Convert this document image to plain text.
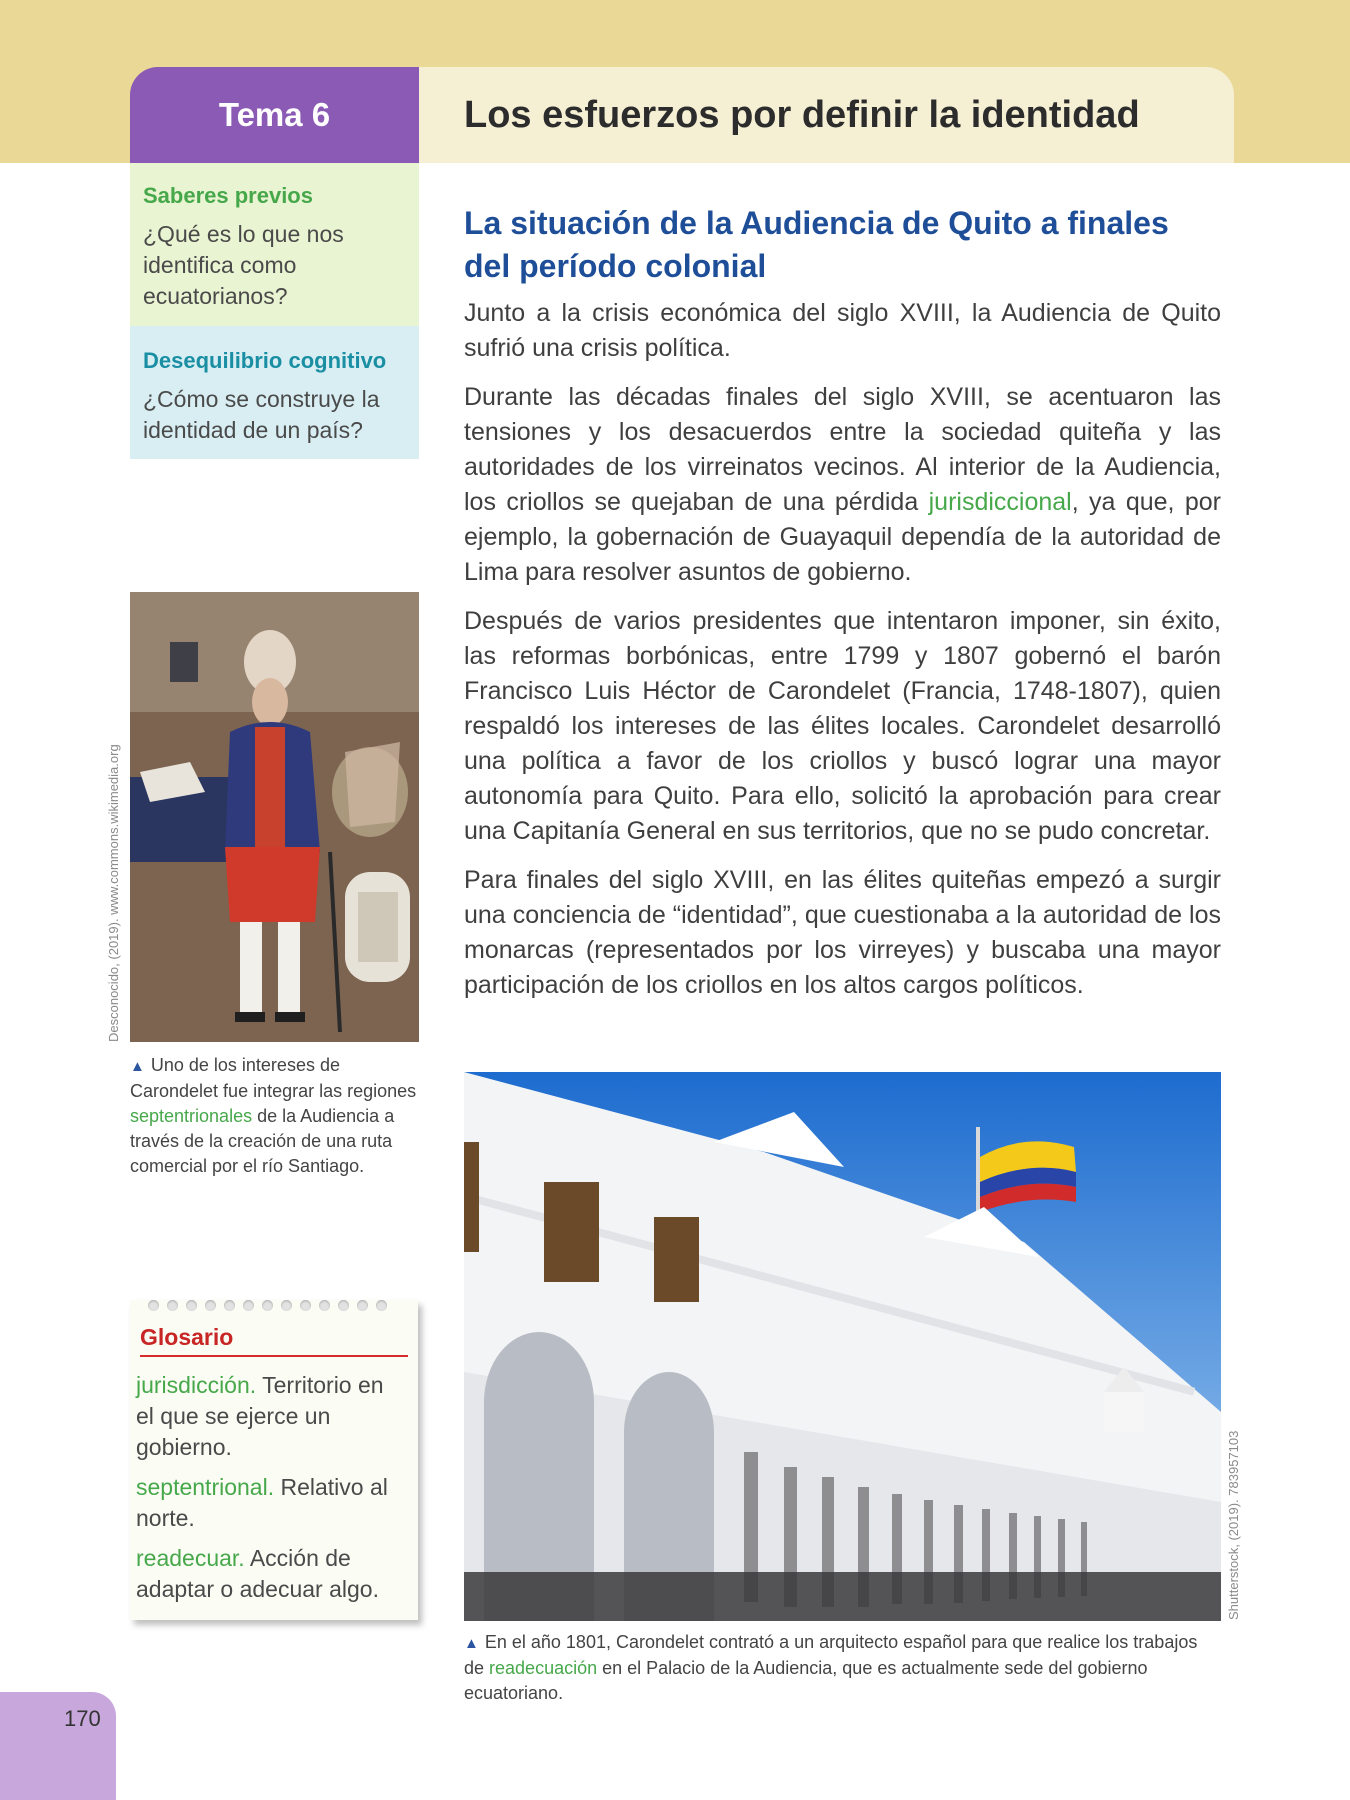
Tema 6	Los esfuerzos por definir la identidad
Saberes previos
¿Qué es lo que nos identifica como ecuatorianos?
Desequilibrio cognitivo
¿Cómo se construye la identidad de un país?
Desconocido, (2019). www.commons.wikimedia.org
▲ Uno de los intereses de Carondelet fue integrar las regiones septentrionales de la Audiencia a través de la creación de una ruta comercial por el río Santiago.
Glosario
jurisdicción. Territorio en el que se ejerce un gobierno.
septentrional. Relativo al norte.
readecuar. Acción de adaptar o adecuar algo.
170
La situación de la Audiencia de Quito a finales del período colonial

Junto a la crisis económica del siglo XVIII, la Audiencia de Quito sufrió una crisis política.

Durante las décadas finales del siglo XVIII, se acentuaron las tensiones y los desacuerdos entre la sociedad quiteña y las autoridades de los virreinatos vecinos. Al interior de la Audiencia, los criollos se quejaban de una pérdida jurisdiccional, ya que, por ejemplo, la gobernación de Guayaquil dependía de la autoridad de Lima para resolver asuntos de gobierno.

Después de varios presidentes que intentaron imponer, sin éxito, las reformas borbónicas, entre 1799 y 1807 gobernó el barón Francisco Luis Héctor de Carondelet (Francia, 1748-1807), quien respaldó los intereses de las élites locales. Carondelet desarrolló una política a favor de los criollos y buscó lograr una mayor autonomía para Quito. Para ello, solicitó la aprobación para crear una Capitanía General en sus territorios, que no se pudo concretar.

Para finales del siglo XVIII, en las élites quiteñas empezó a surgir una conciencia de “identidad”, que cuestionaba a la autoridad de los monarcas (representados por los virreyes) y buscaba una mayor participación de los criollos en los altos cargos políticos.

Shutterstock, (2019). 783957103
▲ En el año 1801, Carondelet contrató a un arquitecto español para que realice los trabajos de readecuación en el Palacio de la Audiencia, que es actualmente sede del gobierno ecuatoriano.
